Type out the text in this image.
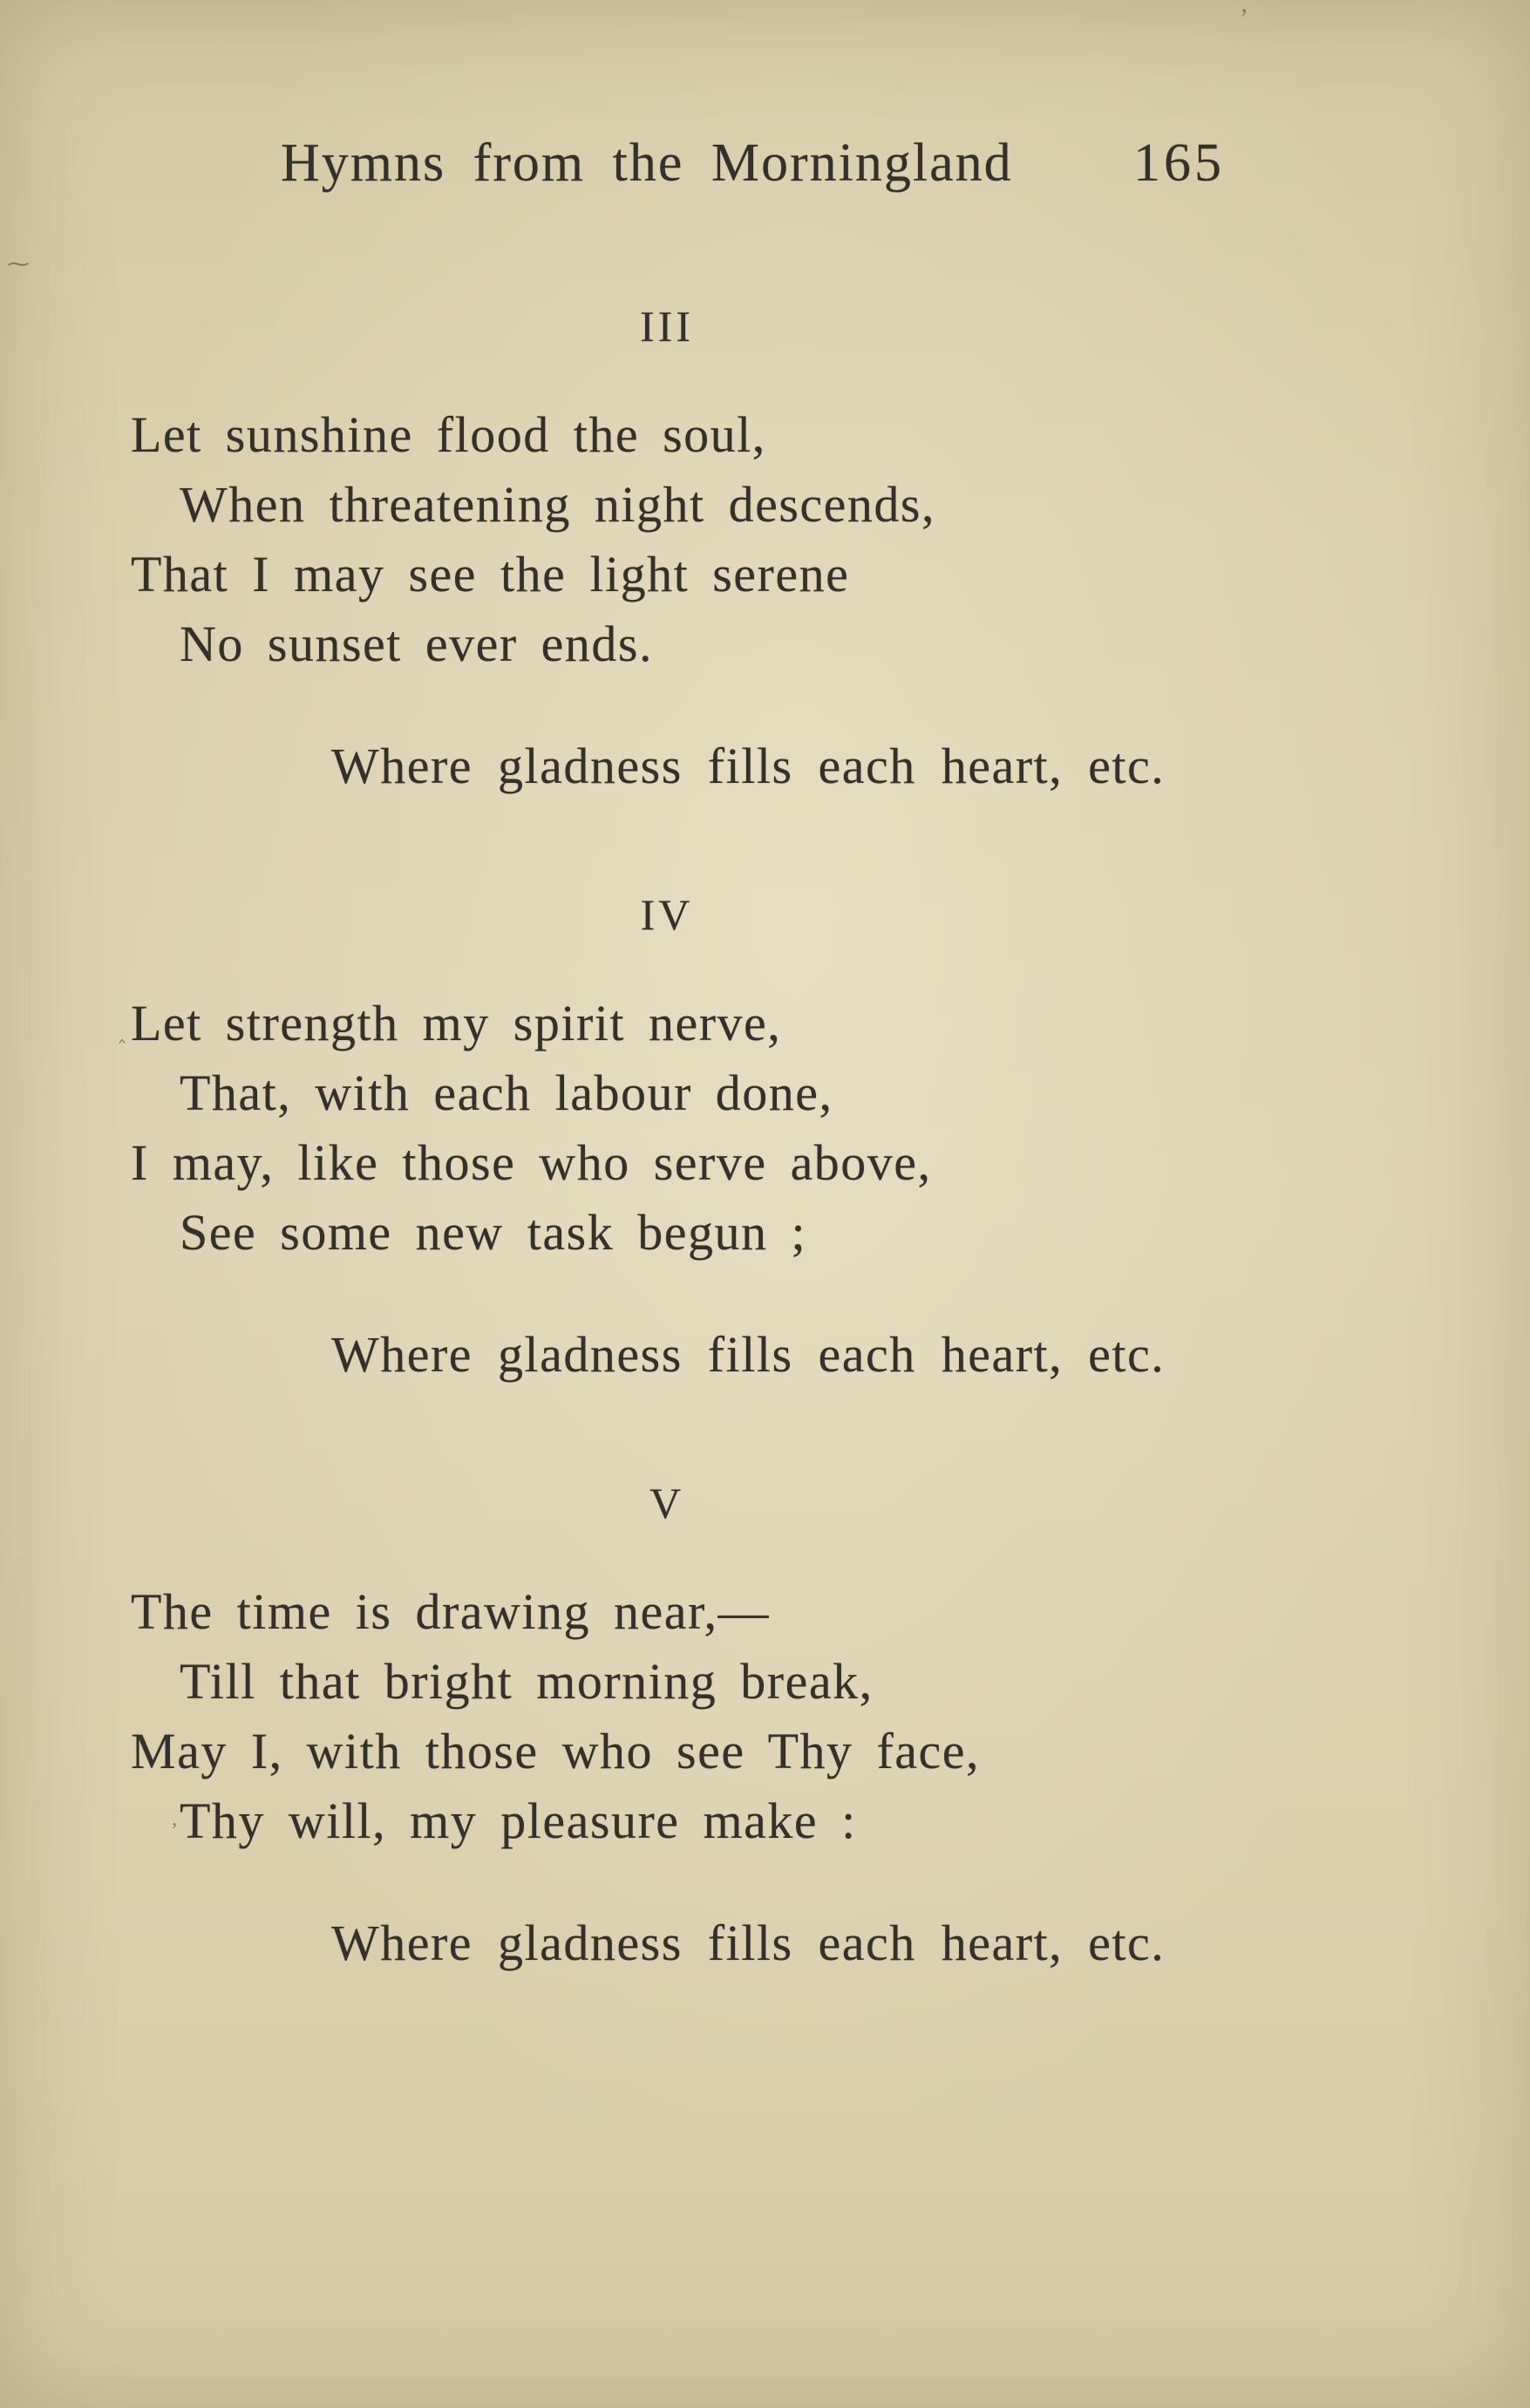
Hymns from the Morningland 165

III

Let sunshine flood the soul,

When threatening night descends,

That I may see the light serene

No sunset ever ends.

Where gladness fills each heart, etc.

IV

Let strength my spirit nerve,

That, with each labour done,

I may, like those who serve above,

See some new task begun ;

Where gladness fills each heart, etc.

V

The time is drawing near,—

Till that bright morning break,

May I, with those who see Thy face,

Thy will, my pleasure make :

Where gladness fills each heart, etc.

’
⁓
‸
’
